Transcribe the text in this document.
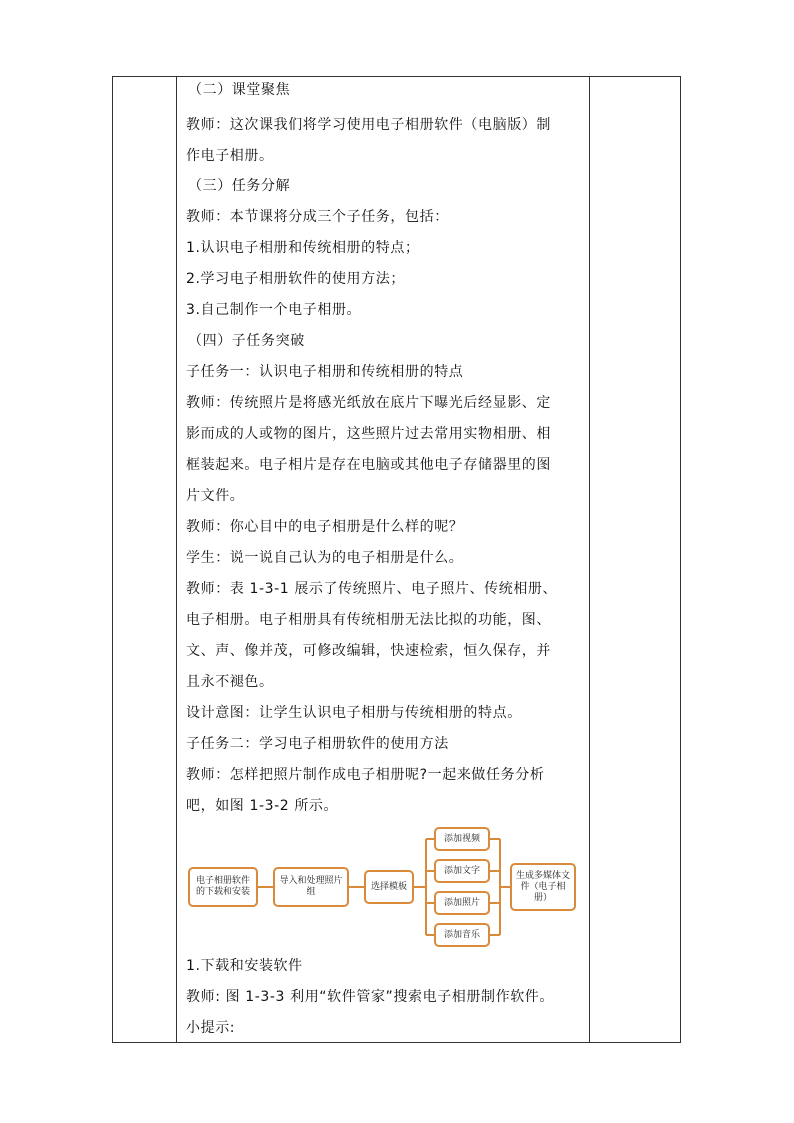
（二）课堂聚焦
教师：这次课我们将学习使用电子相册软件（电脑版）制
作电子相册。
（三）任务分解
教师：本节课将分成三个子任务，包括：
1.认识电子相册和传统相册的特点；
2.学习电子相册软件的使用方法；
3.自己制作一个电子相册。
（四）子任务突破
子任务一：认识电子相册和传统相册的特点
教师：传统照片是将感光纸放在底片下曝光后经显影、定
影而成的人或物的图片，这些照片过去常用实物相册、相
框装起来。电子相片是存在电脑或其他电子存储器里的图
片文件。
教师：你心目中的电子相册是什么样的呢？
学生：说一说自己认为的电子相册是什么。
教师：表 1-3-1 展示了传统照片、电子照片、传统相册、
电子相册。电子相册具有传统相册无法比拟的功能，图、
文、声、像并茂，可修改编辑，快速检索，恒久保存，并
且永不褪色。
设计意图：让学生认识电子相册与传统相册的特点。
子任务二：学习电子相册软件的使用方法
教师：怎样把照片制作成电子相册呢?一起来做任务分析
吧，如图 1-3-2 所示。
1.下载和安装软件
教师: 图 1-3-3 利用“软件管家”搜索电子相册制作软件。
小提示:
电子相册软件的下载和安装
导入和处理照片组
选择模板
添加视频
添加文字
添加照片
添加音乐
生成多媒体文件（电子相册）
